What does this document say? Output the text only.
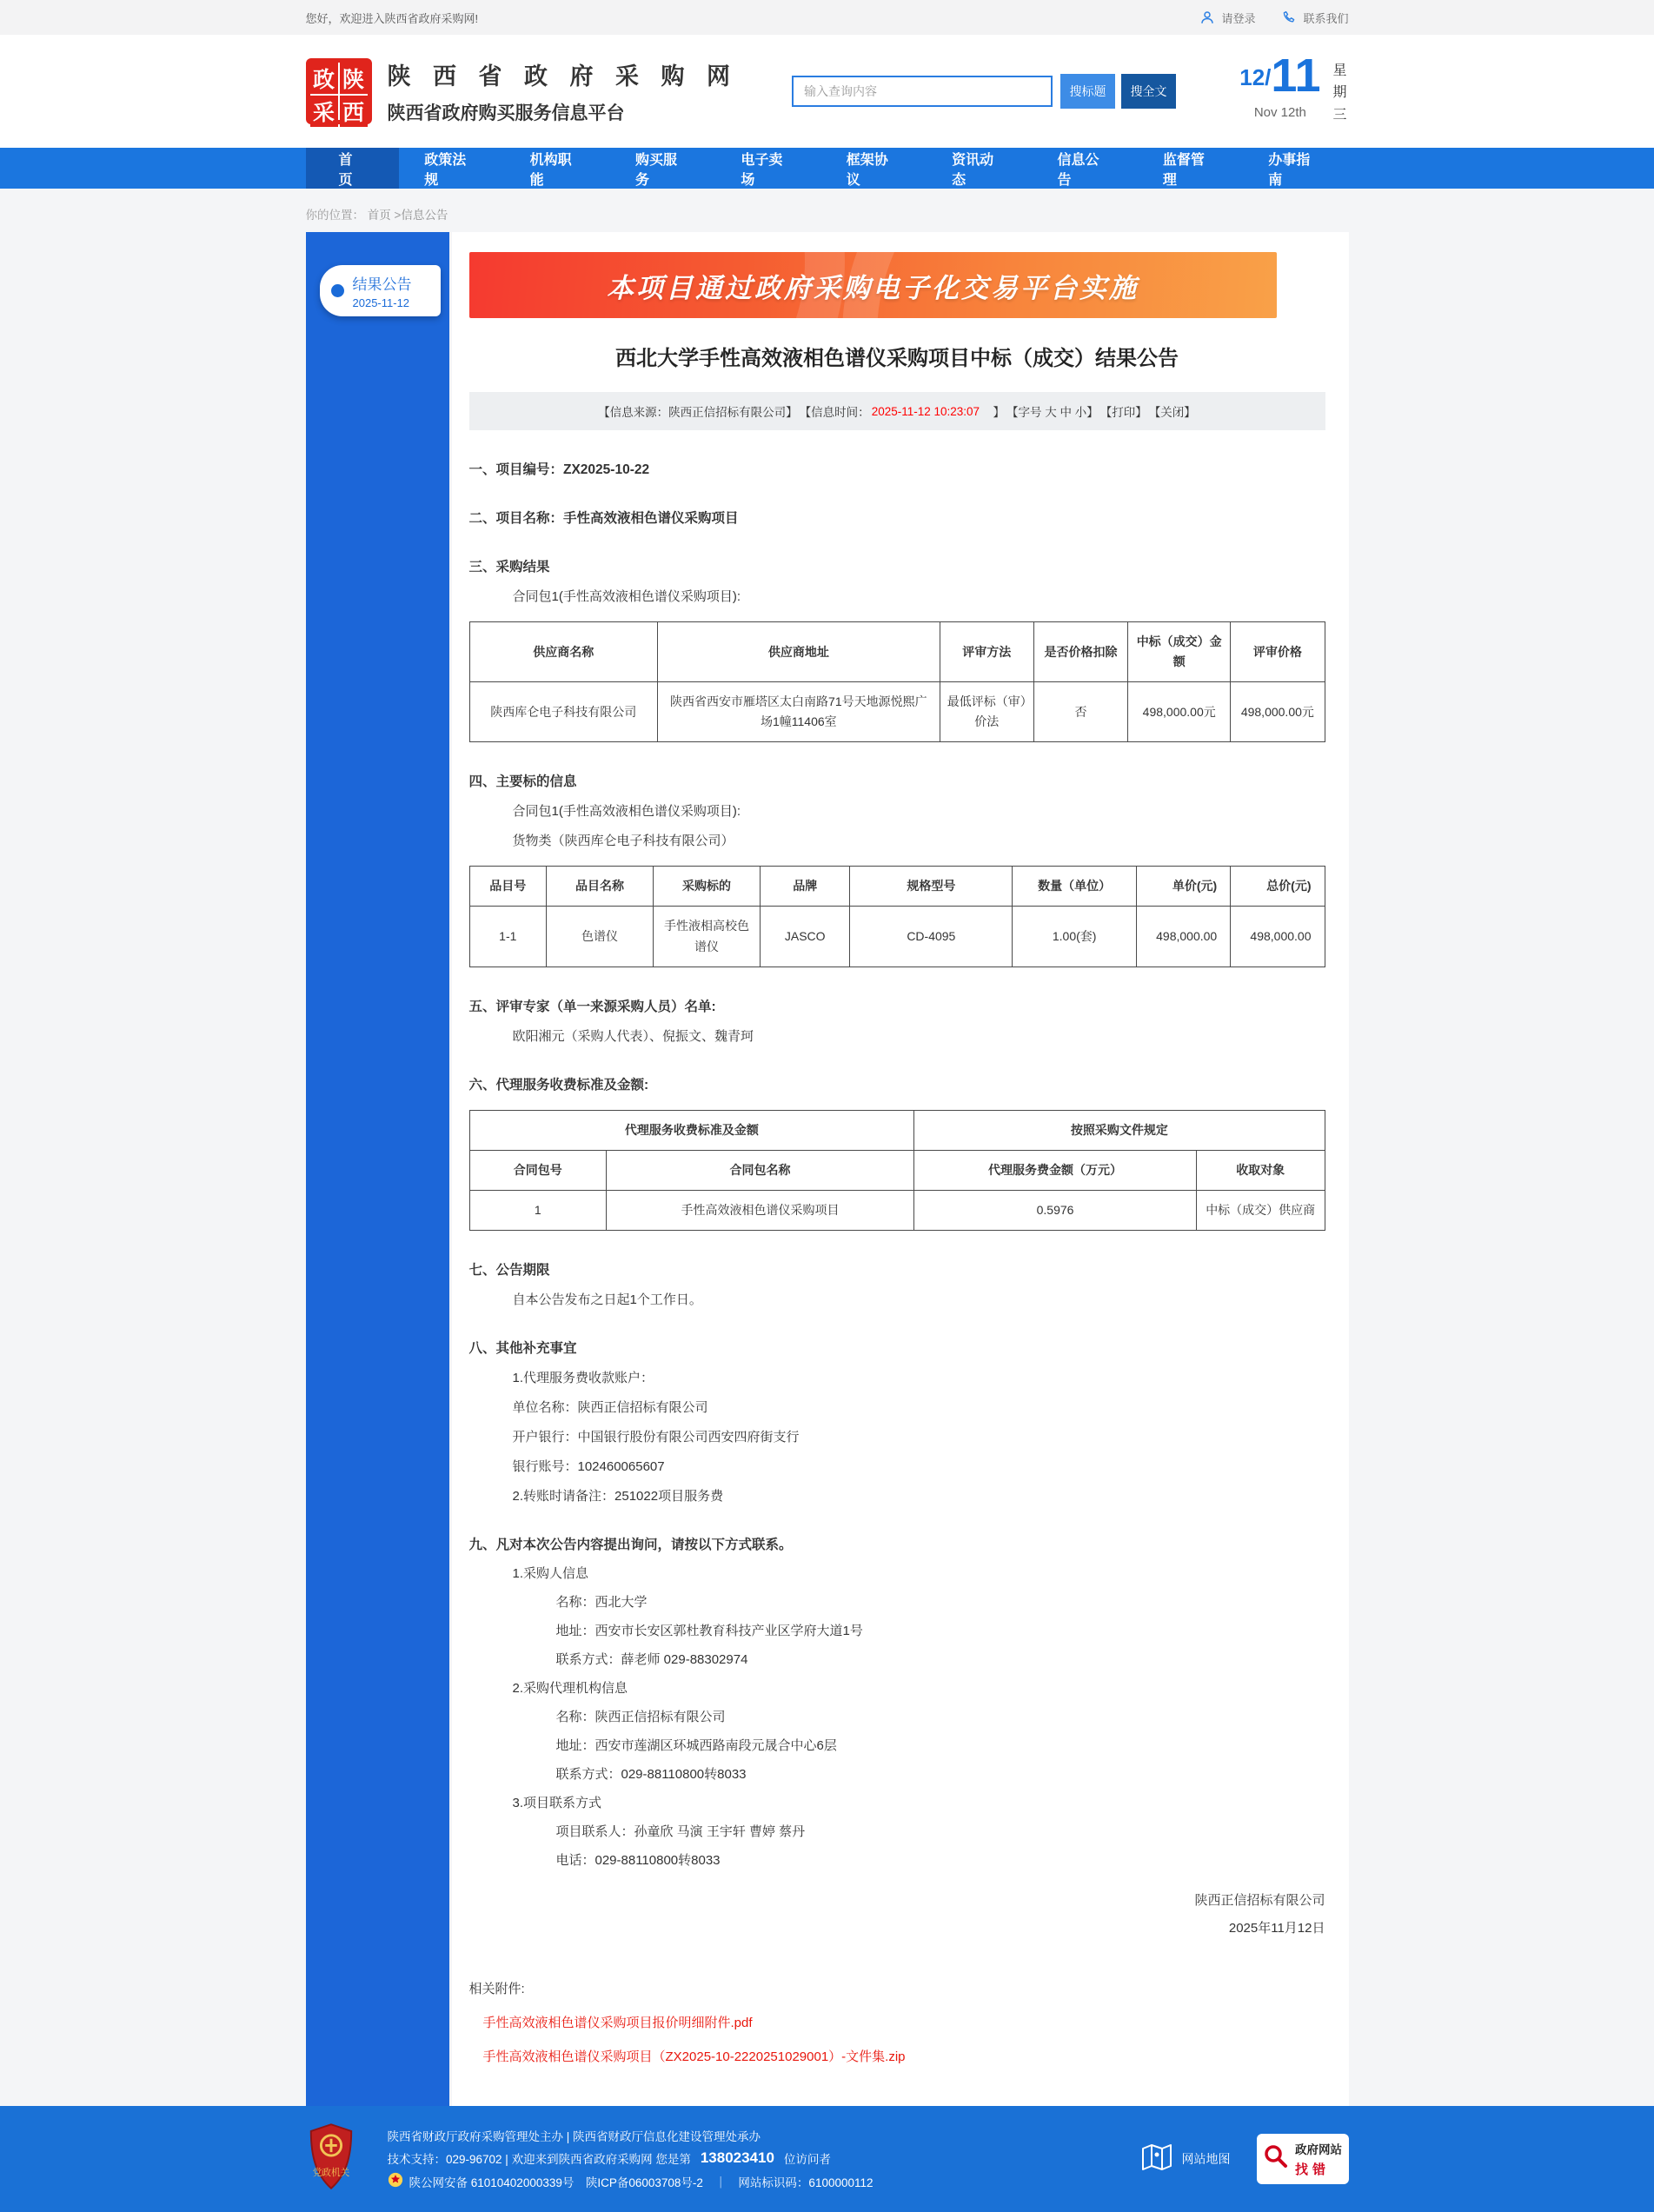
您好，欢迎进入陕西省政府采购网!	请登录	联系我们
政 陕
采 西
陕 西 省 政 府 采 购 网
陕西省政府购买服务信息平台
输入查询内容
搜标题	搜全文
12/ 11
Nov 12th
星期三
首页
政策法规
机构职能
购买服务
电子卖场
框架协议
资讯动态
信息公告
监督管理
办事指南
你的位置： 首页 >信息公告
结果公告
2025-11-12	本项目通过政府采购电子化交易平台实施
西北大学手性高效液相色谱仪采购项目中标（成交）结果公告
【信息来源：陕西正信招标有限公司】 【信息时间： 2025-11-12 10:23:07 　】 【字号 大 中 小】 【打印】 【关闭】
一、项目编号：ZX2025-10-22
二、项目名称：手性高效液相色谱仪采购项目
三、采购结果
合同包1(手性高效液相色谱仪采购项目):
供应商名称	供应商地址	评审方法	是否价格扣除	中标（成交）金额	评审价格
陕西库仑电子科技有限公司	陕西省西安市雁塔区太白南路71号天地源悦熙广场1幢11406室	最低评标（审）价法	否	498,000.00元	498,000.00元
四、主要标的信息
合同包1(手性高效液相色谱仪采购项目):
货物类（陕西库仑电子科技有限公司）
品目号	品目名称	采购标的	品牌	规格型号	数量（单位）	单价(元)	总价(元)
1-1	色谱仪	手性液相高校色谱仪	JASCO	CD-4095	1.00(套)	498,000.00	498,000.00
五、评审专家（单一来源采购人员）名单:
欧阳湘元（采购人代表）、倪振文、魏青珂
六、代理服务收费标准及金额:
代理服务收费标准及金额		按照采购文件规定	
合同包号	合同包名称	代理服务费金额（万元）	收取对象
1	手性高效液相色谱仪采购项目	0.5976	中标（成交）供应商
七、公告期限
自本公告发布之日起1个工作日。
八、其他补充事宜
1.代理服务费收款账户：
单位名称：陕西正信招标有限公司
开户银行：中国银行股份有限公司西安四府街支行
银行账号：102460065607
2.转账时请备注：251022项目服务费
九、凡对本次公告内容提出询问，请按以下方式联系。
1.采购人信息
名称：西北大学
地址：西安市长安区郭杜教育科技产业区学府大道1号
联系方式：薛老师 029-88302974
2.采购代理机构信息
名称：陕西正信招标有限公司
地址：西安市莲湖区环城西路南段元晟合中心6层
联系方式：029-88110800转8033
3.项目联系方式
项目联系人：孙童欣 马演 王宇轩 曹婷 蔡丹
电话：029-88110800转8033
陕西正信招标有限公司
2025年11月12日
相关附件:
手性高效液相色谱仪采购项目报价明细附件.pdf
手性高效液相色谱仪采购项目（ZX2025-10-2220251029001）-文件集.zip
党政机关
陕西省财政厅政府采购管理处主办 | 陕西省财政厅信息化建设管理处承办
技术支持：029-96702 | 欢迎来到陕西省政府采购网 您是第 138023410 位访问者
陕公网安备 61010402000339号　陕ICP备06003708号-2　｜　网站标识码：6100000112
网站地图
政府网站
找错
